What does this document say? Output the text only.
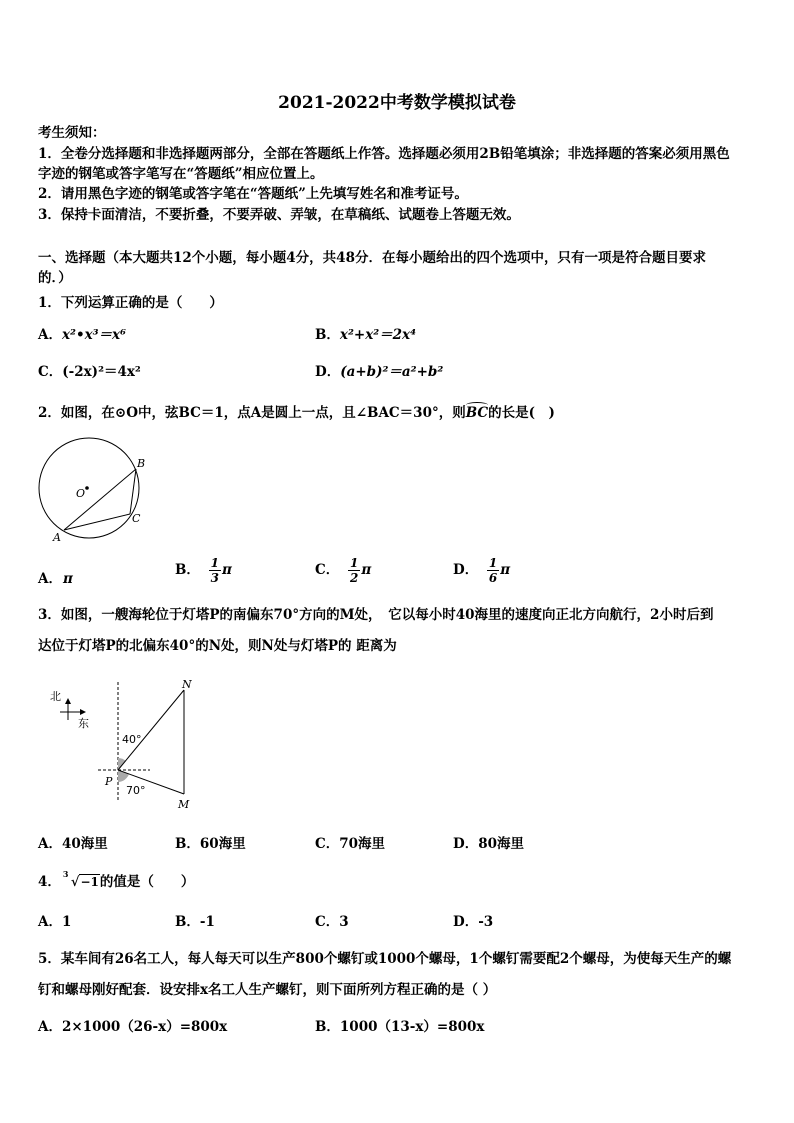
2021-2022中考数学模拟试卷
考生须知：
1．全卷分选择题和非选择题两部分，全部在答题纸上作答。选择题必须用2B铅笔填涂；非选择题的答案必须用黑色
字迹的钢笔或答字笔写在“答题纸”相应位置上。
2．请用黑色字迹的钢笔或答字笔在“答题纸”上先填写姓名和准考证号。
3．保持卡面清洁，不要折叠，不要弄破、弄皱，在草稿纸、试题卷上答题无效。
一、选择题（本大题共12个小题，每小题4分，共48分．在每小题给出的四个选项中，只有一项是符合题目要求
的．）
1．下列运算正确的是（　　）
A．x²•x³＝x⁶	B．x²+x²＝2x⁴
C．(-2x)²＝4x²	D．(a+b)²＝a²+b²
2．如图，在⊙O中，弦BC＝1，点A是圆上一点，且∠BAC＝30°，则BC的长是(　)
B
O
C
A
A．π
B． $\frac{1}{3}$ π	C． $\frac{1}{2}$ π	D． $\frac{1}{6}$ π
3．如图，一艘海轮位于灯塔P的南偏东70°方向的M处，　它以每小时40海里的速度向正北方向航行，2小时后到
达位于灯塔P的北偏东40°的N处，则N处与灯塔P的 距离为
北
东
N
P
M
40°
70°
A．40海里	B．60海里	C．70海里	D．80海里
4． 3
√−1的值是（　　）
A．1	B．-1	C．3	D．-3
5．某车间有26名工人，每人每天可以生产800个螺钉或1000个螺母，1个螺钉需要配2个螺母，为使每天生产的螺
钉和螺母刚好配套．设安排x名工人生产螺钉，则下面所列方程正确的是（ ）
A．2×1000（26-x）=800x	B．1000（13-x）=800x
